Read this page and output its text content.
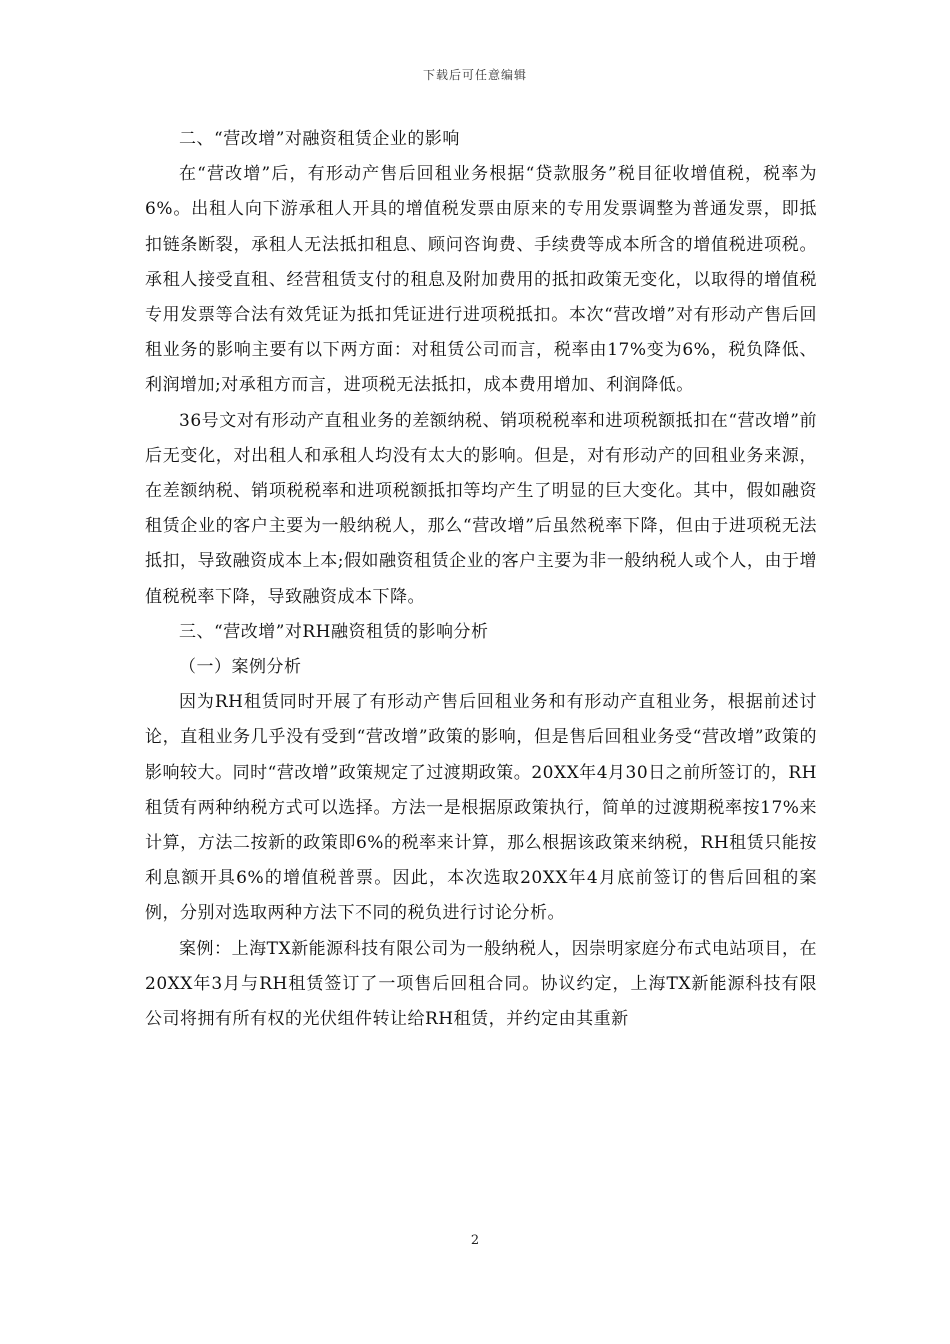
下载后可任意编辑

二、“营改增”对融资租赁企业的影响

在“营改增”后，有形动产售后回租业务根据“贷款服务”税目征收增值税，税率为6%。出租人向下游承租人开具的增值税发票由原来的专用发票调整为普通发票，即抵扣链条断裂，承租人无法抵扣租息、顾问咨询费、手续费等成本所含的增值税进项税。承租人接受直租、经营租赁支付的租息及附加费用的抵扣政策无变化，以取得的增值税专用发票等合法有效凭证为抵扣凭证进行进项税抵扣。本次“营改增”对有形动产售后回租业务的影响主要有以下两方面：对租赁公司而言，税率由17%变为6%，税负降低、利润增加;对承租方而言，进项税无法抵扣，成本费用增加、利润降低。

36号文对有形动产直租业务的差额纳税、销项税税率和进项税额抵扣在“营改增”前后无变化，对出租人和承租人均没有太大的影响。但是，对有形动产的回租业务来源，在差额纳税、销项税税率和进项税额抵扣等均产生了明显的巨大变化。其中，假如融资租赁企业的客户主要为一般纳税人，那么“营改增”后虽然税率下降，但由于进项税无法抵扣，导致融资成本上本;假如融资租赁企业的客户主要为非一般纳税人或个人，由于增值税税率下降，导致融资成本下降。

三、“营改增”对RH融资租赁的影响分析

（一）案例分析

因为RH租赁同时开展了有形动产售后回租业务和有形动产直租业务，根据前述讨论，直租业务几乎没有受到“营改增”政策的影响，但是售后回租业务受“营改增”政策的影响较大。同时“营改增”政策规定了过渡期政策。20XX年4月30日之前所签订的，RH租赁有两种纳税方式可以选择。方法一是根据原政策执行，简单的过渡期税率按17%来计算，方法二按新的政策即6%的税率来计算，那么根据该政策来纳税，RH租赁只能按利息额开具6%的增值税普票。因此，本次选取20XX年4月底前签订的售后回租的案例，分别对选取两种方法下不同的税负进行讨论分析。

案例：上海TX新能源科技有限公司为一般纳税人，因崇明家庭分布式电站项目，在20XX年3月与RH租赁签订了一项售后回租合同。协议约定，上海TX新能源科技有限公司将拥有所有权的光伏组件转让给RH租赁，并约定由其重新

2
